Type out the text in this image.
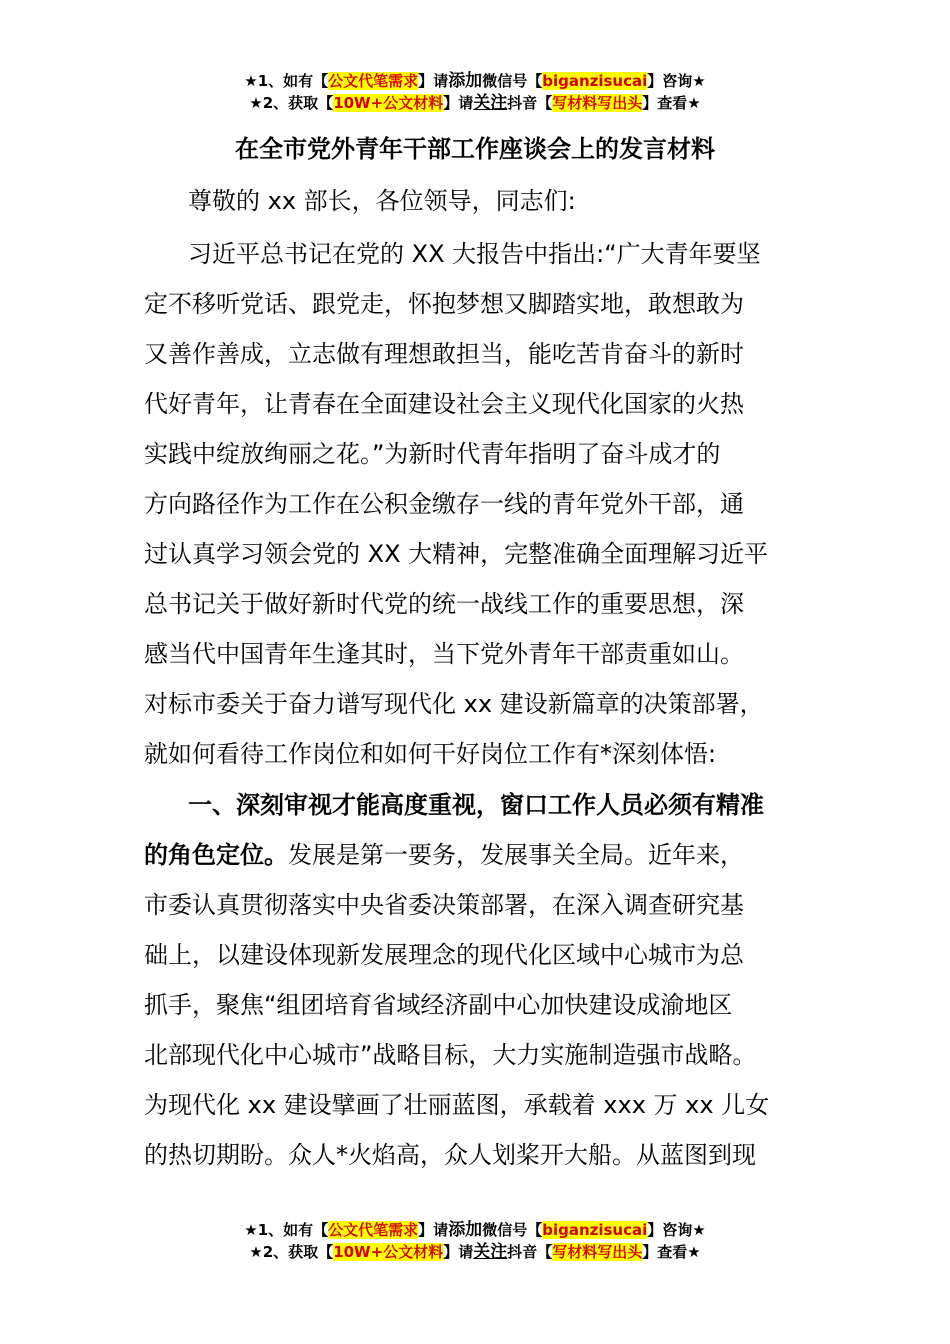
★1、如有【公文代笔需求】请添加微信号【biganzisucai】咨询★
★2、获取【10W+公文材料】请关注抖音【写材料写出头】查看★
在全市党外青年干部工作座谈会上的发言材料
尊敬的 xx 部长，各位领导，同志们:
习近平总书记在党的 XX 大报告中指出:“广大青年要坚
定不移听党话、跟党走，怀抱梦想又脚踏实地，敢想敢为
又善作善成，立志做有理想敢担当，能吃苦肯奋斗的新时
代好青年，让青春在全面建设社会主义现代化国家的火热
实践中绽放绚丽之花。”为新时代青年指明了奋斗成才的
方向路径作为工作在公积金缴存一线的青年党外干部，通
过认真学习领会党的 XX 大精神，完整准确全面理解习近平
总书记关于做好新时代党的统一战线工作的重要思想，深
感当代中国青年生逢其时，当下党外青年干部责重如山。
对标市委关于奋力谱写现代化 xx 建设新篇章的决策部署，
就如何看待工作岗位和如何干好岗位工作有*深刻体悟:
一、深刻审视才能高度重视，窗口工作人员必须有精准
的角色定位。发展是第一要务，发展事关全局。近年来，
市委认真贯彻落实中央省委决策部署，在深入调查研究基
础上，以建设体现新发展理念的现代化区域中心城市为总
抓手，聚焦“组团培育省域经济副中心加快建设成渝地区
北部现代化中心城市”战略目标，大力实施制造强市战略。
为现代化 xx 建设擘画了壮丽蓝图，承载着 xxx 万 xx 儿女
的热切期盼。众人*火焰高，众人划桨开大船。从蓝图到现
★1、如有【公文代笔需求】请添加微信号【biganzisucai】咨询★
★2、获取【10W+公文材料】请关注抖音【写材料写出头】查看★
